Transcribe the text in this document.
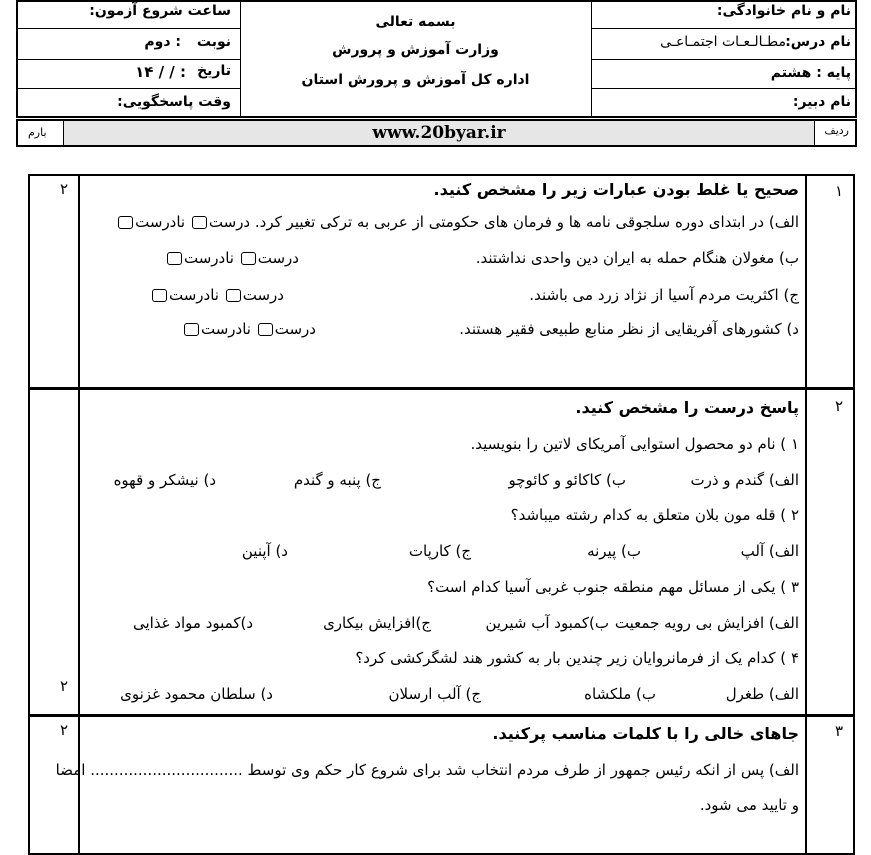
نام و نام خانوادگی:
نام درس:
مطـالـعـات اجتمـاعـی
پایه : هشتم
نام دبیر:
بسمه تعالی
وزارت آموزش و پرورش
اداره کل آموزش و پرورش استان
ساعت شروع آزمون:
نوبت
: دوم
تاریخ
: / / ۱۴
وقت پاسخگویی:
ردیف
www.20byar.ir
بارم
۱
۲	صحیح یا غلط بودن عبارات زیر را مشخص کنید.
الف) در ابتدای دوره سلجوقی نامه ها و فرمان های حکومتی از عربی به ترکی تغییر کرد. درست نادرست
ب) مغولان هنگام حمله به ایران دین واحدی نداشتند.
درست نادرست
ج) اکثریت مردم آسیا از نژاد زرد می باشند.
درست نادرست
د) کشورهای آفریقایی از نظر منابع طبیعی فقیر هستند.
درست نادرست
۲
۲
پاسخ درست را مشخص کنید.
۱ ) نام دو محصول استوایی آمریکای لاتین را بنویسید.
الف) گندم و ذرت
ب) کاکائو و کائوچو
ج) پنبه و گندم
د) نیشکر و قهوه
۲ ) قله مون بلان متعلق به کدام رشته میباشد؟
الف) آلپ
ب) پیرنه
ج) کارپات
د) آپنین
۳ ) یکی از مسائل مهم منطقه جنوب غربی آسیا کدام است؟
الف) افزایش بی رویه جمعیت
ب)کمبود آب شیرین
ج)افزایش بیکاری
د)کمبود مواد غذایی
۴ ) کدام یک از فرمانروایان زیر چندین بار به کشور هند لشگرکشی کرد؟
الف) طغرل
ب) ملکشاه
ج) آلب ارسلان
د) سلطان محمود غزنوی
۳
۲	جاهای خالی را با کلمات مناسب پرکنید.
الف) پس از انکه رئیس جمهور از طرف مردم انتخاب شد برای شروع کار حکم وی توسط ................................ امضا
و تایید می شود.
